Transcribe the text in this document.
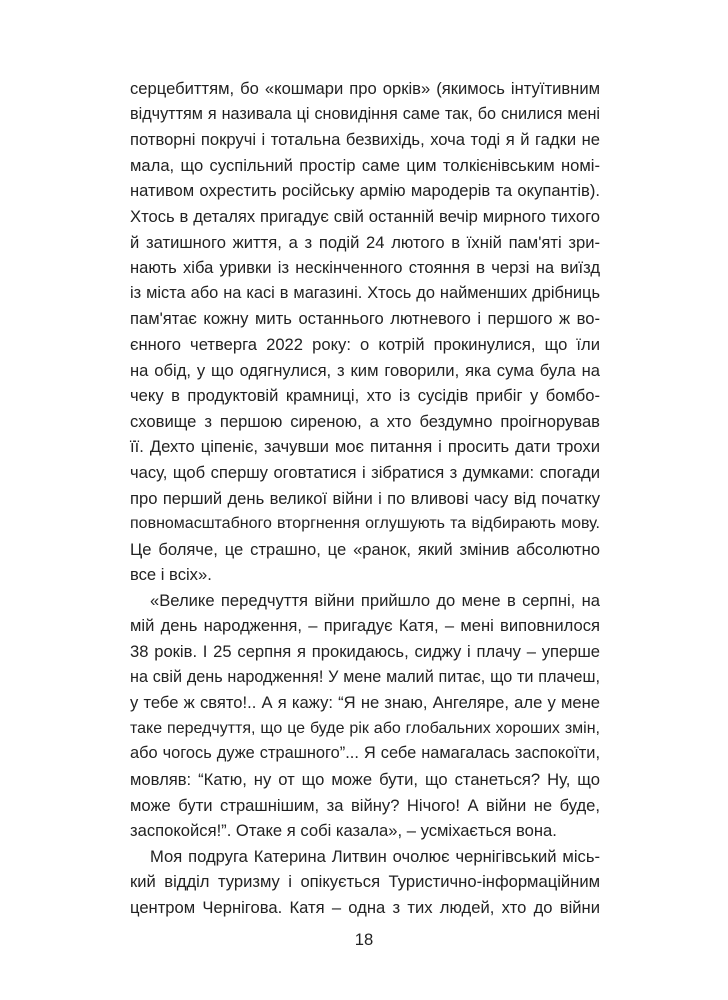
серцебиттям, бо «кошмари про орків» (якимось інтуїтивним
відчуттям я називала ці сновидіння саме так, бо снилися мені
потворні покручі і тотальна безвихідь, хоча тоді я й гадки не
мала, що суспільний простір саме цим толкієнівським номі-
нативом охрестить російську армію мародерів та окупантів).
Хтось в деталях пригадує свій останній вечір мирного тихого
й затишного життя, а з подій 24 лютого в їхній пам'яті зри-
нають хіба уривки із нескінченного стояння в черзі на виїзд
із міста або на касі в магазині. Хтось до найменших дрібниць
пам'ятає кожну мить останнього лютневого і першого ж во-
єнного четверга 2022 року: о котрій прокинулися, що їли
на обід, у що одягнулися, з ким говорили, яка сума була на
чеку в продуктовій крамниці, хто із сусідів прибіг у бомбо-
сховище з першою сиреною, а хто бездумно проігнорував
її. Дехто ціпеніє, зачувши моє питання і просить дати трохи
часу, щоб спершу оговтатися і зібратися з думками: спогади
про перший день великої війни і по вливові часу від початку
повномасштабного вторгнення оглушують та відбирають мову.
Це боляче, це страшно, це «ранок, який змінив абсолютно
все і всіх».
«Велике передчуття війни прийшло до мене в серпні, на
мій день народження, – пригадує Катя, – мені виповнилося
38 років. І 25 серпня я прокидаюсь, сиджу і плачу – уперше
на свій день народження! У мене малий питає, що ти плачеш,
у тебе ж свято!.. А я кажу: “Я не знаю, Ангеляре, але у мене
таке передчуття, що це буде рік або глобальних хороших змін,
або чогось дуже страшного”... Я себе намагалась заспокоїти,
мовляв: “Катю, ну от що може бути, що станеться? Ну, що
може бути страшнішим, за війну? Нічого! А війни не буде,
заспокойся!”. Отаке я собі казала», – усміхається вона.
Моя подруга Катерина Литвин очолює чернігівський місь-
кий відділ туризму і опікується Туристично-інформаційним
центром Чернігова. Катя – одна з тих людей, хто до війни
18
